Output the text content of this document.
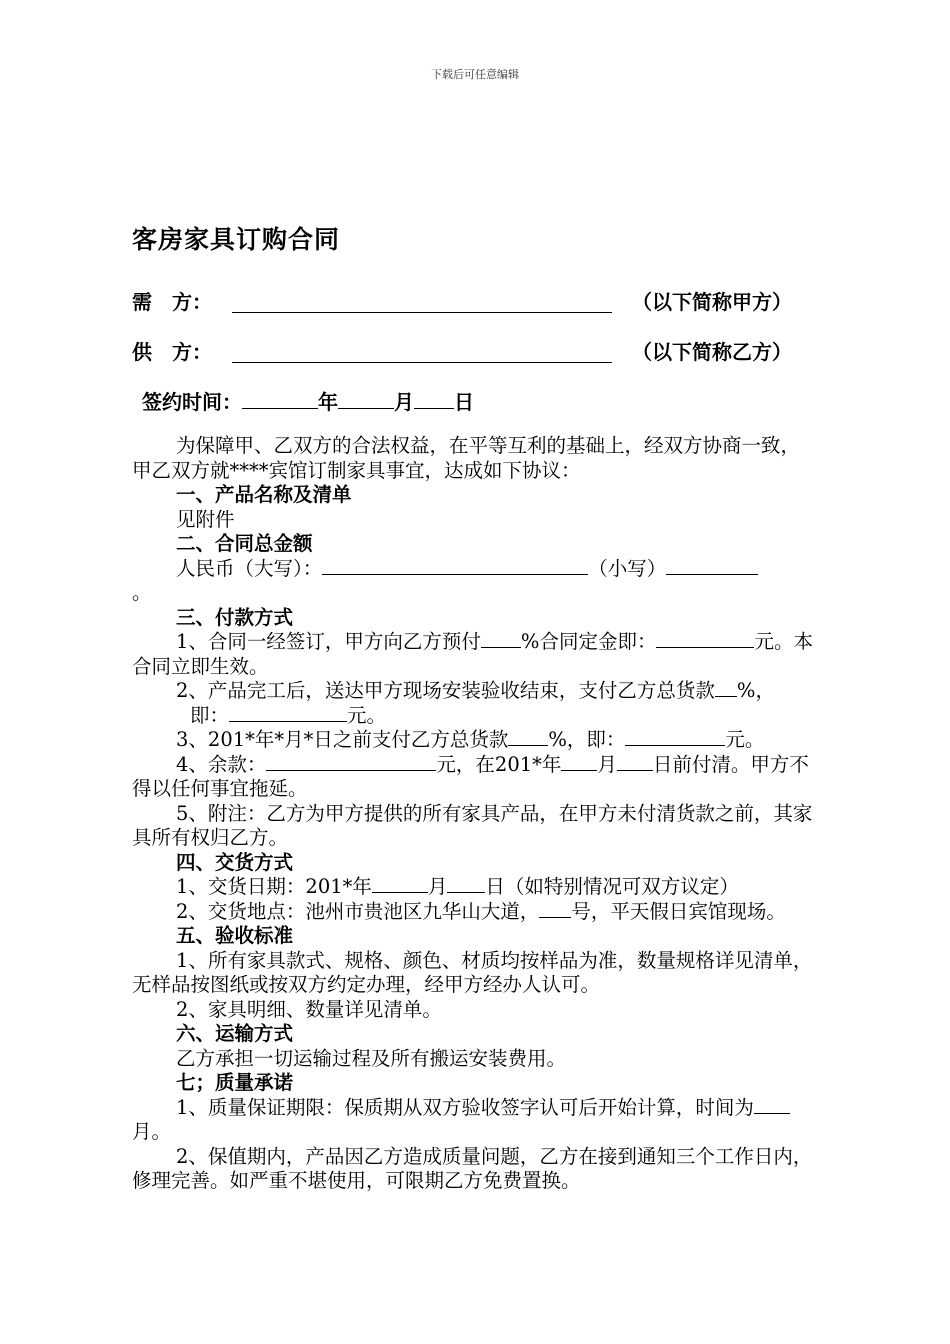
下载后可任意编辑
客房家具订购合同
需　方：	（以下简称甲方）
供　方：	（以下简称乙方）
签约时间：	年	月 日

为保障甲、乙双方的合法权益，在平等互利的基础上，经双方协商一致，甲乙双方就****宾馆订制家具事宜，达成如下协议：

一、产品名称及清单

见附件

二、合同总金额

人民币（大写）：	（小写）

。

三、付款方式

1、合同一经签订，甲方向乙方预付 %合同定金即：	元。本合同立即生效。

2、产品完工后，送达甲方现场安装验收结束，支付乙方总货款 %，即：	元。

3、201*年*月*日之前支付乙方总货款 %，即：	元。

4、余款：	元，在201*年 月 日前付清。甲方不得以任何事宜拖延。

5、附注：乙方为甲方提供的所有家具产品，在甲方未付清货款之前，其家具所有权归乙方。

四、交货方式

1、交货日期：201*年	月 日（如特别情况可双方议定）

2、交货地点：池州市贵池区九华山大道， 号，平天假日宾馆现场。

五、验收标准

1、所有家具款式、规格、颜色、材质均按样品为准，数量规格详见清单，无样品按图纸或按双方约定办理，经甲方经办人认可。

2、家具明细、数量详见清单。

六、运输方式

乙方承担一切运输过程及所有搬运安装费用。

七；质量承诺

1、质量保证期限：保质期从双方验收签字认可后开始计算，时间为月。

2、保值期内，产品因乙方造成质量问题，乙方在接到通知三个工作日内，修理完善。如严重不堪使用，可限期乙方免费置换。
